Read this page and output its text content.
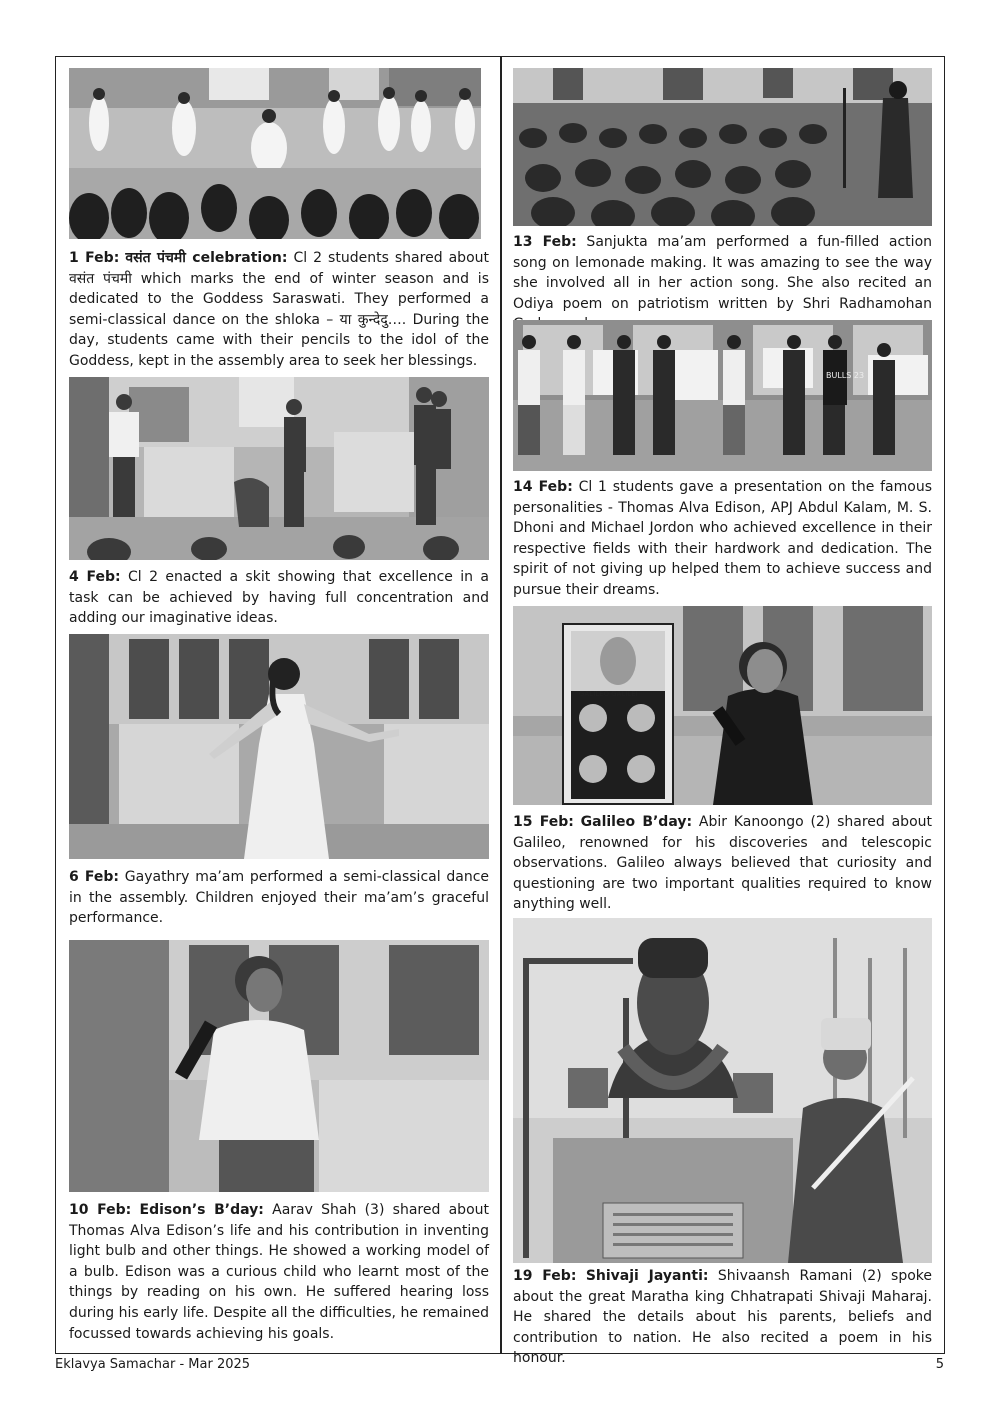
1 Feb: वसंत पंचमी celebration: Cl 2 students shared about वसंत पंचमी which marks the end of winter season and is dedicated to the Goddess Saraswati. They performed a semi-classical dance on the shloka – या कुन्देदु…. During the day, students came with their pencils to the idol of the Goddess, kept in the assembly area to seek her blessings.

4 Feb: Cl 2 enacted a skit showing that excellence in a task can be achieved by having full concentration and adding our imaginative ideas.

6 Feb: Gayathry ma’am performed a semi-classical dance in the assembly. Children enjoyed their ma’am’s graceful performance.

10 Feb: Edison’s B’day: Aarav Shah (3) shared about Thomas Alva Edison’s life and his contribution in inventing light bulb and other things. He showed a working model of a bulb. Edison was a curious child who learnt most of the things by reading on his own. He suffered hearing loss during his early life. Despite all the difficulties, he remained focussed towards achieving his goals.

13 Feb: Sanjukta ma’am performed a fun-filled action song on lemonade making. It was amazing to see the way she involved all in her action song. She also recited an Odiya poem on patriotism written by Shri Radhamohan

BULLS 23

14 Feb: Cl 1 students gave a presentation on the famous personalities - Thomas Alva Edison, APJ Abdul Kalam, M. S. Dhoni and Michael Jordon who achieved excellence in their respective fields with their hardwork and dedication. The spirit of not giving up helped them to achieve success and pursue their dreams.

GALILEO GALILEI

15 Feb: Galileo B’day: Abir Kanoongo (2) shared about Galileo, renowned for his discoveries and telescopic observations. Galileo always believed that curiosity and questioning are two important qualities required to know anything well.

19 Feb: Shivaji Jayanti: Shivaansh Ramani (2) spoke about the great Maratha king Chhatrapati Shivaji Maharaj. He shared the details about his parents, beliefs and contribution to nation. He also recited a poem in his honour.

Eklavya Samachar - Mar 2025	5
